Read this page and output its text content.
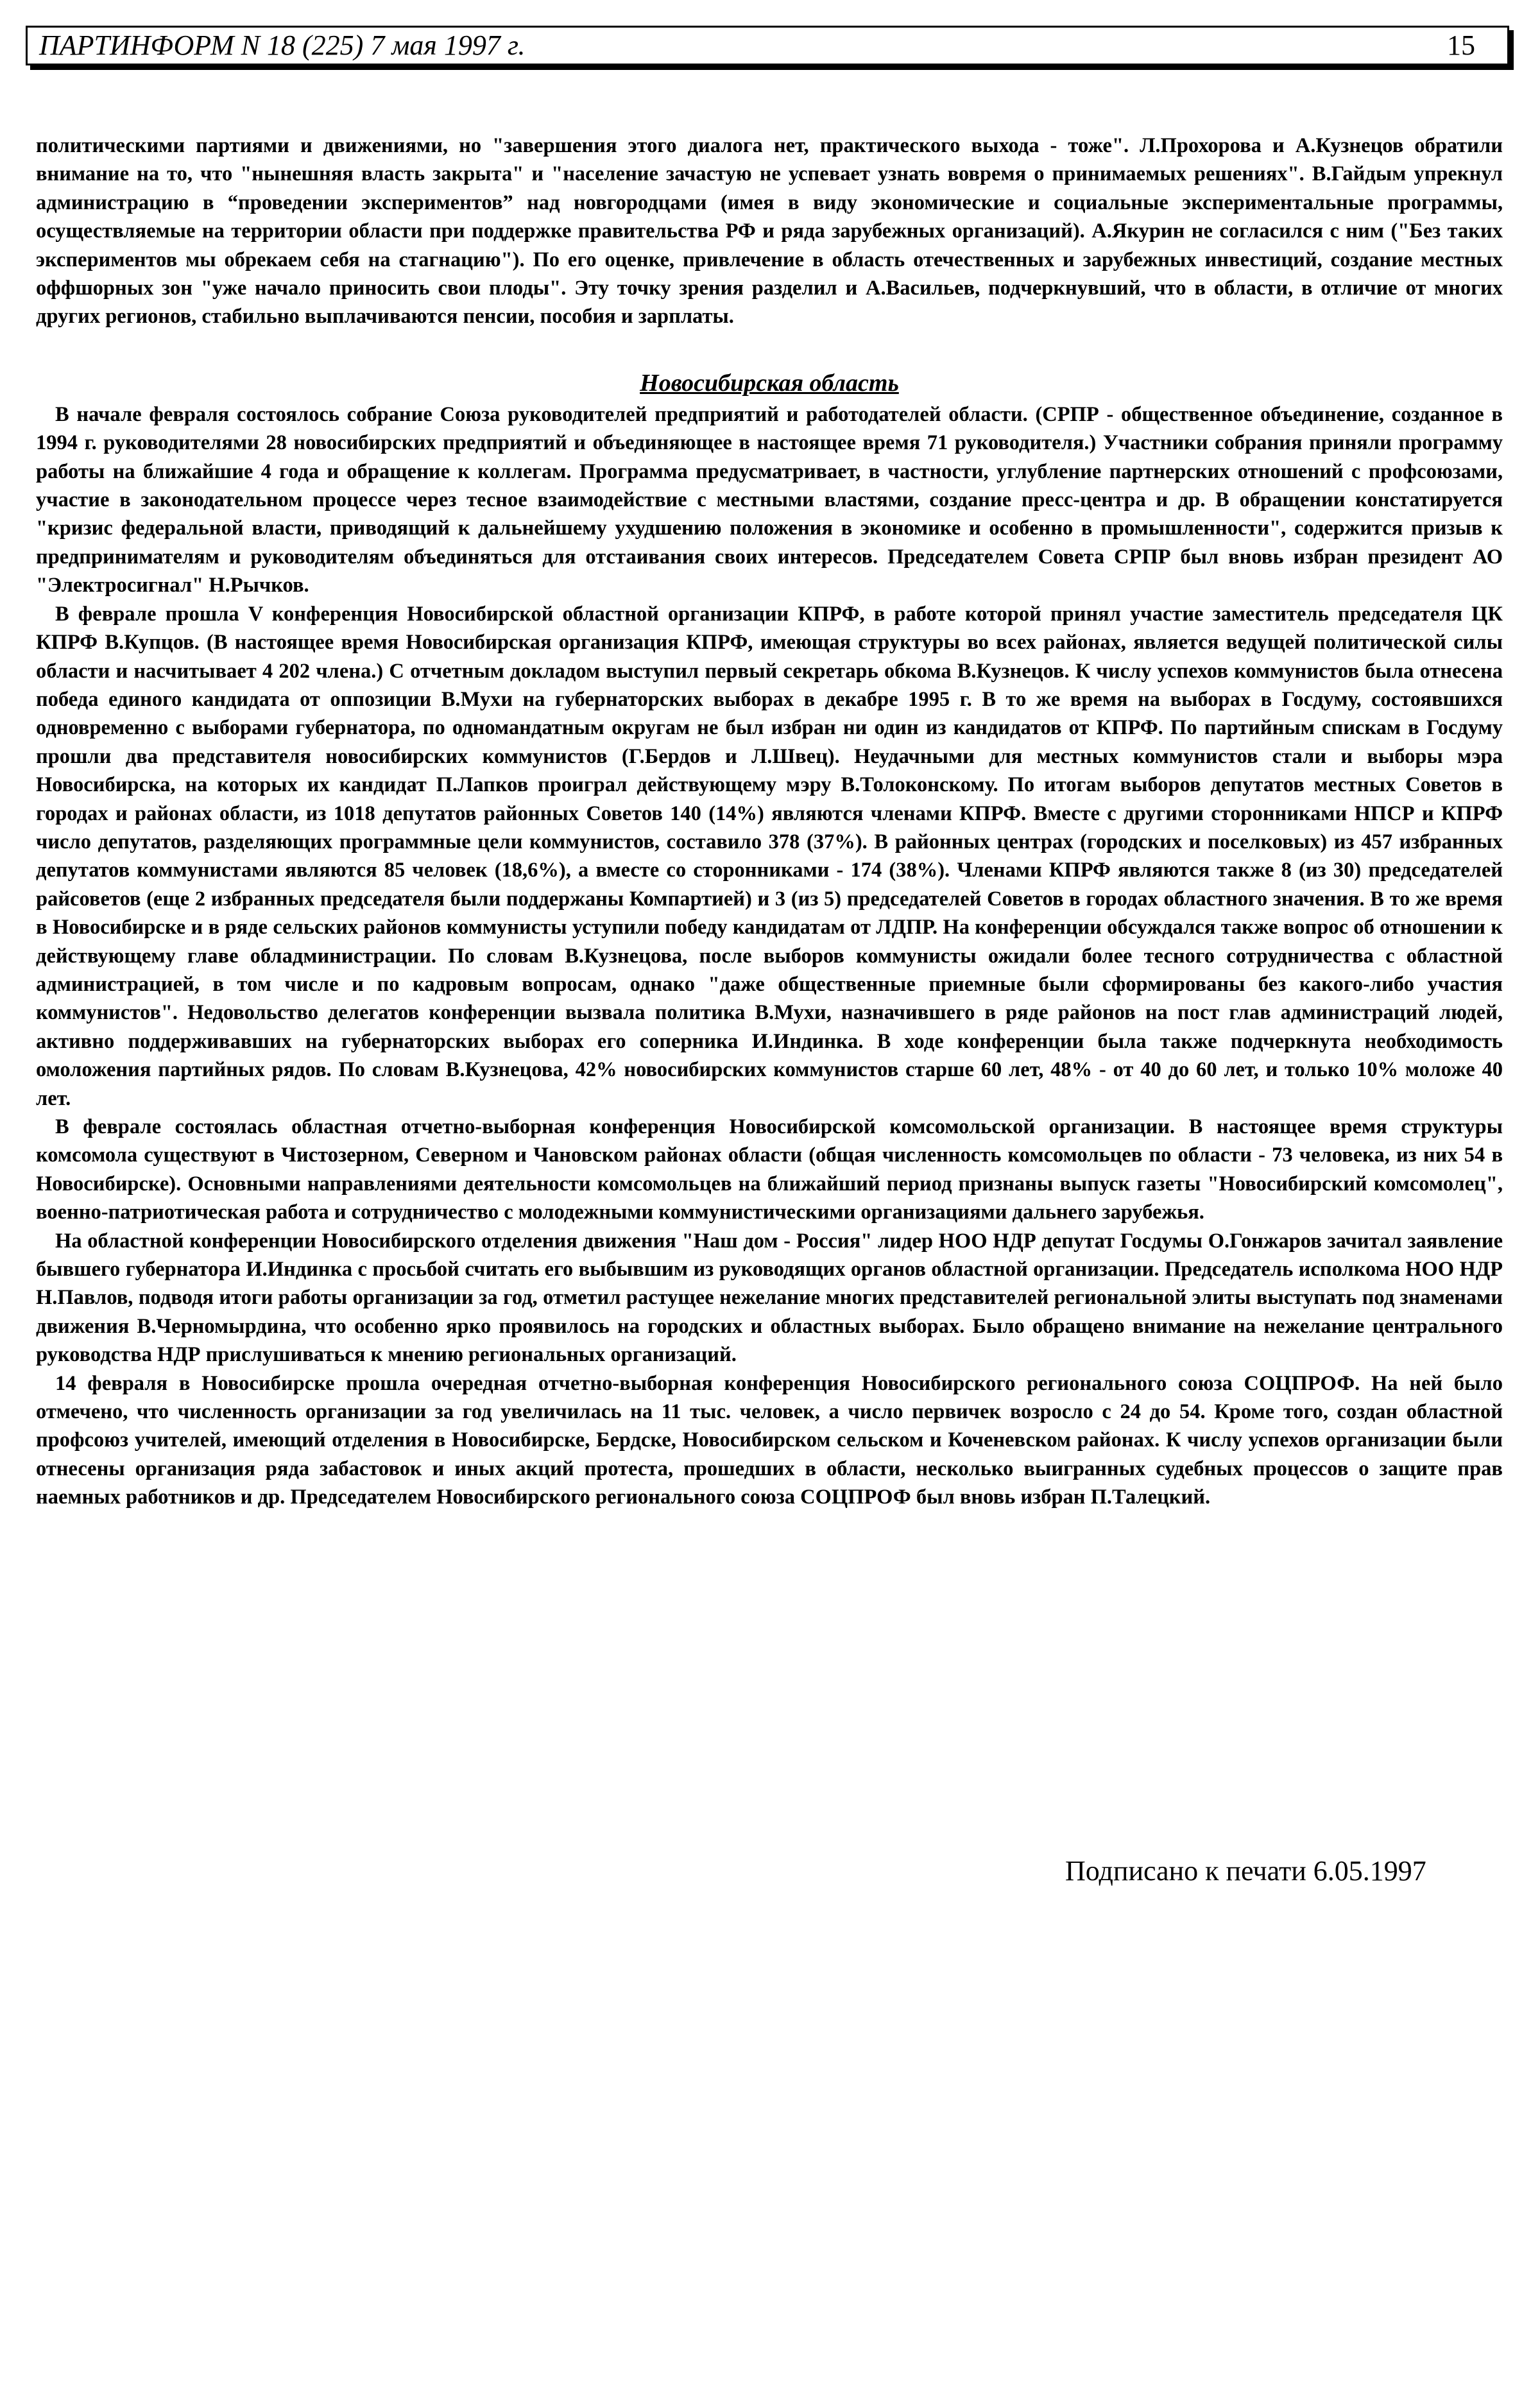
ПАРТИНФОРМ N 18 (225) 7 мая 1997 г.	15

политическими партиями и движениями, но "завершения этого диалога нет, практического выхода - тоже". Л.Прохорова и А.Кузнецов обратили внимание на то, что "нынешняя власть закрыта" и "население зачастую не успевает узнать вовремя о принимаемых решениях". В.Гайдым упрекнул администрацию в “проведении экспериментов” над новгородцами (имея в виду экономические и социальные экспериментальные программы, осуществляемые на территории области при поддержке правительства РФ и ряда зарубежных организаций). А.Якурин не согласился с ним ("Без таких экспериментов мы обрекаем себя на стагнацию"). По его оценке, привлечение в область отечественных и зарубежных инвестиций, создание местных оффшорных зон "уже начало приносить свои плоды". Эту точку зрения разделил и А.Васильев, подчеркнувший, что в области, в отличие от многих других регионов, стабильно выплачиваются пенсии, пособия и зарплаты.

Новосибирская область

В начале февраля состоялось собрание Союза руководителей предприятий и работодателей области. (СРПР - общественное объединение, созданное в 1994 г. руководителями 28 новосибирских предприятий и объединяющее в настоящее время 71 руководителя.) Участники собрания приняли программу работы на ближайшие 4 года и обращение к коллегам. Программа предусматривает, в частности, углубление партнерских отношений с профсоюзами, участие в законодательном процессе через тесное взаимодействие с местными властями, создание пресс-центра и др. В обращении констатируется "кризис федеральной власти, приводящий к дальнейшему ухудшению положения в экономике и особенно в промышленности", содержится призыв к предпринимателям и руководителям объединяться для отстаивания своих интересов. Председателем Совета СРПР был вновь избран президент АО "Электросигнал" Н.Рычков.

В феврале прошла V конференция Новосибирской областной организации КПРФ, в работе которой принял участие заместитель председателя ЦК КПРФ В.Купцов. (В настоящее время Новосибирская организация КПРФ, имеющая структуры во всех районах, является ведущей политической силы области и насчитывает 4 202 члена.) С отчетным докладом выступил первый секретарь обкома В.Кузнецов. К числу успехов коммунистов была отнесена победа единого кандидата от оппозиции В.Мухи на губернаторских выборах в декабре 1995 г. В то же время на выборах в Госдуму, состоявшихся одновременно с выборами губернатора, по одномандатным округам не был избран ни один из кандидатов от КПРФ. По партийным спискам в Госдуму прошли два представителя новосибирских коммунистов (Г.Бердов и Л.Швец). Неудачными для местных коммунистов стали и выборы мэра Новосибирска, на которых их кандидат П.Лапков проиграл действующему мэру В.Толоконскому. По итогам выборов депутатов местных Советов в городах и районах области, из 1018 депутатов районных Советов 140 (14%) являются членами КПРФ. Вместе с другими сторонниками НПСР и КПРФ число депутатов, разделяющих программные цели коммунистов, составило 378 (37%). В районных центрах (городских и поселковых) из 457 избранных депутатов коммунистами являются 85 человек (18,6%), а вместе со сторонниками - 174 (38%). Членами КПРФ являются также 8 (из 30) председателей райсоветов (еще 2 избранных председателя были поддержаны Компартией) и 3 (из 5) председателей Советов в городах областного значения. В то же время в Новосибирске и в ряде сельских районов коммунисты уступили победу кандидатам от ЛДПР. На конференции обсуждался также вопрос об отношении к действующему главе обладминистрации. По словам В.Кузнецова, после выборов коммунисты ожидали более тесного сотрудничества с областной администрацией, в том числе и по кадровым вопросам, однако "даже общественные приемные были сформированы без какого-либо участия коммунистов". Недовольство делегатов конференции вызвала политика В.Мухи, назначившего в ряде районов на пост глав администраций людей, активно поддерживавших на губернаторских выборах его соперника И.Индинка. В ходе конференции была также подчеркнута необходимость омоложения партийных рядов. По словам В.Кузнецова, 42% новосибирских коммунистов старше 60 лет, 48% - от 40 до 60 лет, и только 10% моложе 40 лет.

В феврале состоялась областная отчетно-выборная конференция Новосибирской комсомольской организации. В настоящее время структуры комсомола существуют в Чистозерном, Северном и Чановском районах области (общая численность комсомольцев по области - 73 человека, из них 54 в Новосибирске). Основными направлениями деятельности комсомольцев на ближайший период признаны выпуск газеты "Новосибирский комсомолец", военно-патриотическая работа и сотрудничество с молодежными коммунистическими организациями дальнего зарубежья.

На областной конференции Новосибирского отделения движения "Наш дом - Россия" лидер НОО НДР депутат Госдумы О.Гонжаров зачитал заявление бывшего губернатора И.Индинка с просьбой считать его выбывшим из руководящих органов областной организации. Председатель исполкома НОО НДР Н.Павлов, подводя итоги работы организации за год, отметил растущее нежелание многих представителей региональной элиты выступать под знаменами движения В.Черномырдина, что особенно ярко проявилось на городских и областных выборах. Было обращено внимание на нежелание центрального руководства НДР прислушиваться к мнению региональных организаций.

14 февраля в Новосибирске прошла очередная отчетно-выборная конференция Новосибирского регионального союза СОЦПРОФ. На ней было отмечено, что численность организации за год увеличилась на 11 тыс. человек, а число первичек возросло с 24 до 54. Кроме того, создан областной профсоюз учителей, имеющий отделения в Новосибирске, Бердске, Новосибирском сельском и Коченевском районах. К числу успехов организации были отнесены организация ряда забастовок и иных акций протеста, прошедших в области, несколько выигранных судебных процессов о защите прав наемных работников и др. Председателем Новосибирского регионального союза СОЦПРОФ был вновь избран П.Талецкий.

Подписано к печати 6.05.1997
